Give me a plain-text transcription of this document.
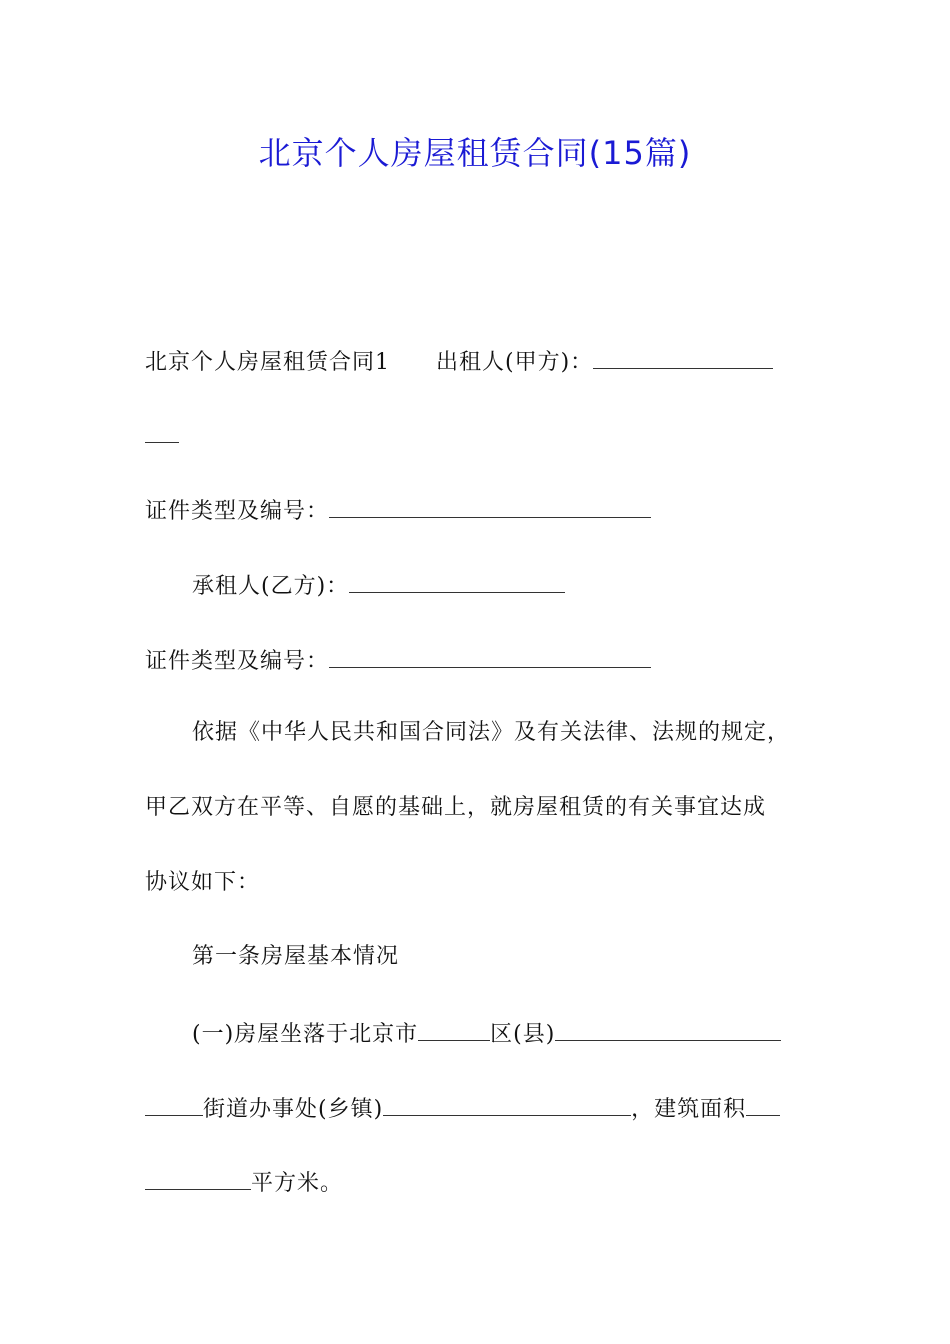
北京个人房屋租赁合同(15篇)
北京个人房屋租赁合同1 出租人(甲方)：
证件类型及编号：
承租人(乙方)：
证件类型及编号：
依据《中华人民共和国合同法》及有关法律、法规的规定，
甲乙双方在平等、自愿的基础上，就房屋租赁的有关事宜达成
协议如下：
第一条房屋基本情况
(一)房屋坐落于北京市	区(县)
街道办事处(乡镇)	，建筑面积
平方米。
